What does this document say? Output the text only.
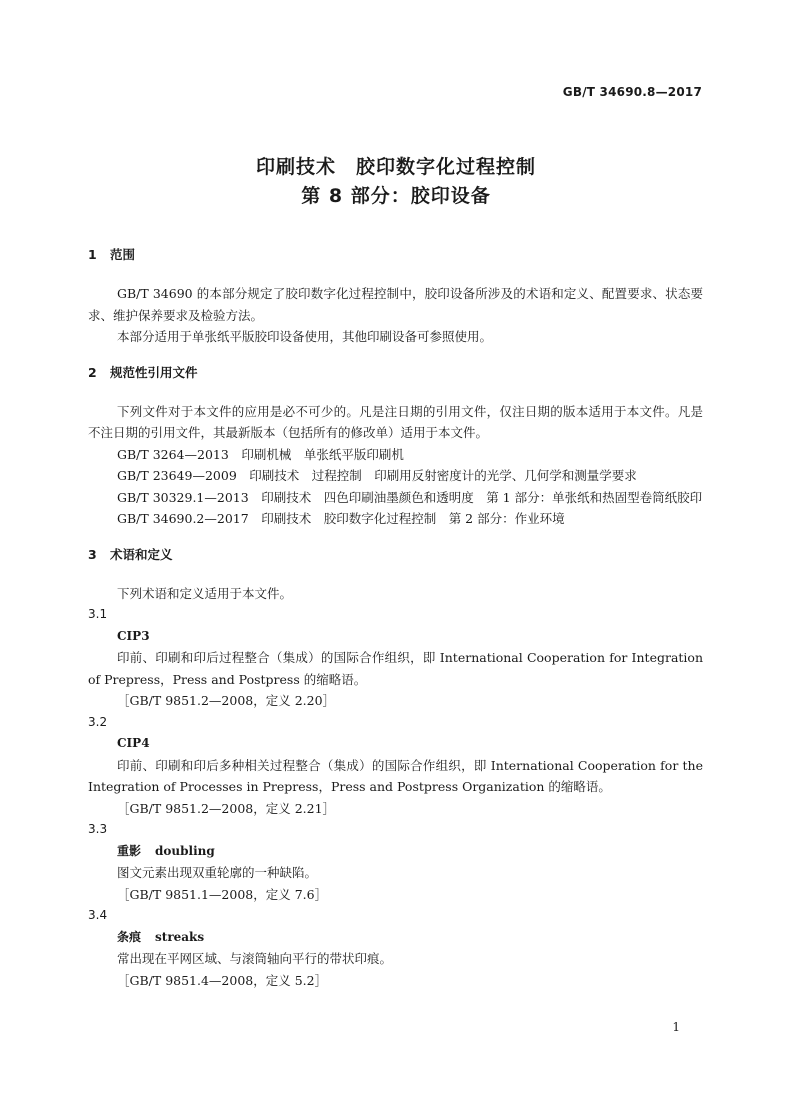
GB/T 34690.8—2017
印刷技术　胶印数字化过程控制
第 8 部分：胶印设备
1 范围

GB/T 34690 的本部分规定了胶印数字化过程控制中，胶印设备所涉及的术语和定义、配置要求、状态要求、维护保养要求及检验方法。

本部分适用于单张纸平版胶印设备使用，其他印刷设备可参照使用。

2 规范性引用文件

下列文件对于本文件的应用是必不可少的。凡是注日期的引用文件，仅注日期的版本适用于本文件。凡是不注日期的引用文件，其最新版本（包括所有的修改单）适用于本文件。

GB/T 3264—2013　印刷机械　单张纸平版印刷机

GB/T 23649—2009　印刷技术　过程控制　印刷用反射密度计的光学、几何学和测量学要求

GB/T 30329.1—2013　印刷技术　四色印刷油墨颜色和透明度　第 1 部分：单张纸和热固型卷筒纸胶印

GB/T 34690.2—2017　印刷技术　胶印数字化过程控制　第 2 部分：作业环境

3 术语和定义

下列术语和定义适用于本文件。

3.1
CIP3

印前、印刷和印后过程整合（集成）的国际合作组织，即 International Cooperation for Integration of Prepress，Press and Postpress 的缩略语。

［GB/T 9851.2—2008，定义 2.20］

3.2
CIP4

印前、印刷和印后多种相关过程整合（集成）的国际合作组织，即 International Cooperation for the Integration of Processes in Prepress，Press and Postpress Organization 的缩略语。

［GB/T 9851.2—2008，定义 2.21］

3.3
重影 doubling

图文元素出现双重轮廓的一种缺陷。

［GB/T 9851.1—2008，定义 7.6］

3.4
条痕 streaks

常出现在平网区域、与滚筒轴向平行的带状印痕。

［GB/T 9851.4—2008，定义 5.2］

1
